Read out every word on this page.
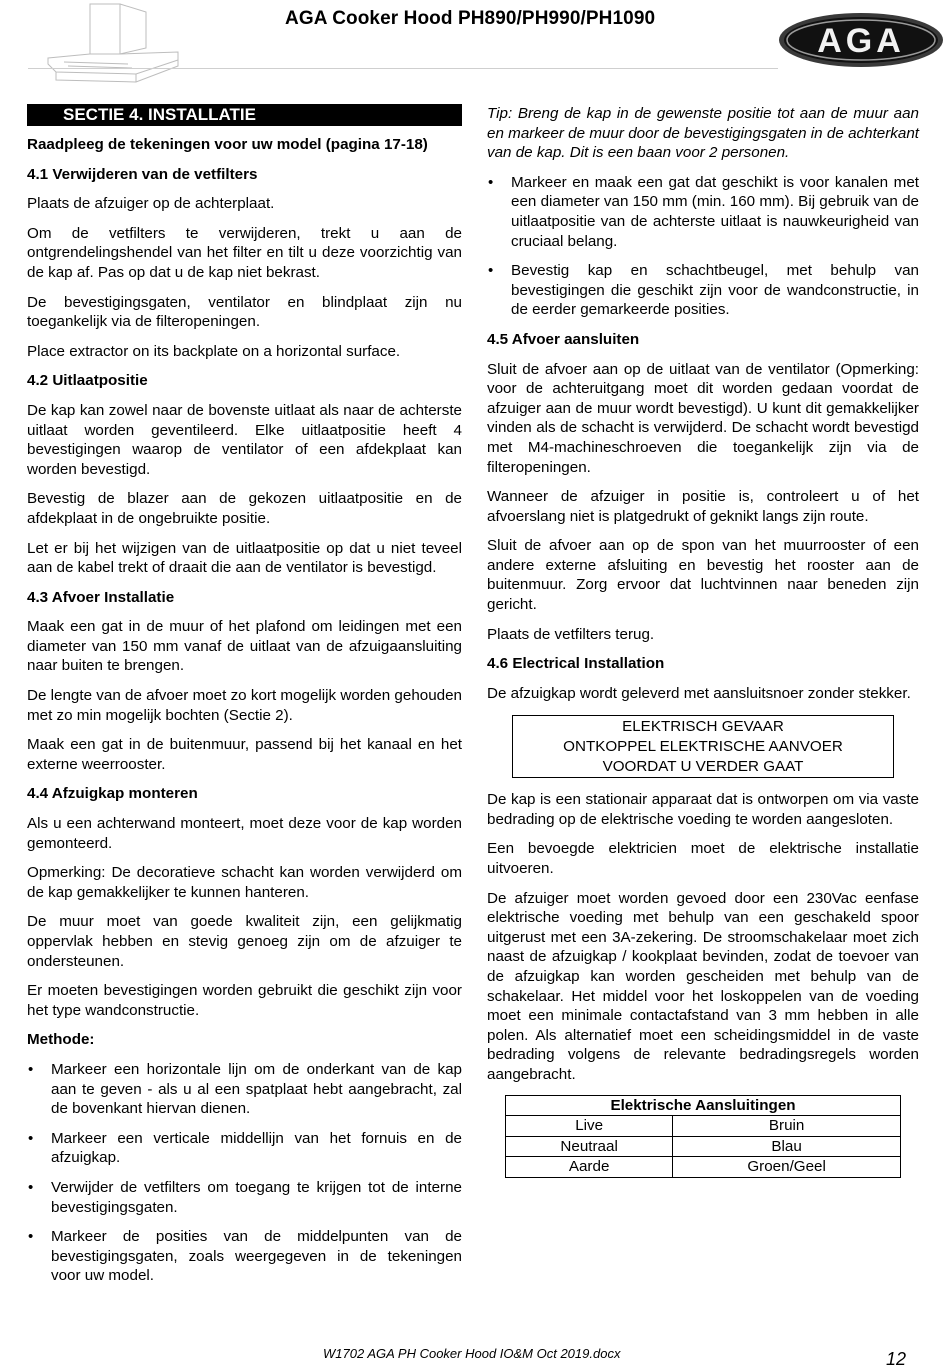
AGA Cooker Hood PH890/PH990/PH1090
AGA
SECTIE 4. INSTALLATIE

Raadpleeg de tekeningen voor uw model (pagina 17-18)

4.1 Verwijderen van de vetfilters

Plaats de afzuiger op de achterplaat.

Om de vetfilters te verwijderen, trekt u aan de ontgrendelingshendel van het filter en tilt u deze voorzichtig van de kap af. Pas op dat u de kap niet bekrast.

De bevestigingsgaten, ventilator en blindplaat zijn nu toegankelijk via de filteropeningen.

Place extractor on its backplate on a horizontal surface.

4.2 Uitlaatpositie

De kap kan zowel naar de bovenste uitlaat als naar de achterste uitlaat worden geventileerd. Elke uitlaatpositie heeft 4 bevestigingen waarop de ventilator of een afdekplaat kan worden bevestigd.

Bevestig de blazer aan de gekozen uitlaatpositie en de afdekplaat in de ongebruikte positie.

Let er bij het wijzigen van de uitlaatpositie op dat u niet teveel aan de kabel trekt of draait die aan de ventilator is bevestigd.

4.3 Afvoer Installatie

Maak een gat in de muur of het plafond om leidingen met een diameter van 150 mm vanaf de uitlaat van de afzuigaansluiting naar buiten te brengen.

De lengte van de afvoer moet zo kort mogelijk worden gehouden met zo min mogelijk bochten (Sectie 2).

Maak een gat in de buitenmuur, passend bij het kanaal en het externe weerrooster.

4.4 Afzuigkap monteren

Als u een achterwand monteert, moet deze voor de kap worden gemonteerd.

Opmerking: De decoratieve schacht kan worden verwijderd om de kap gemakkelijker te kunnen hanteren.

De muur moet van goede kwaliteit zijn, een gelijkmatig oppervlak hebben en stevig genoeg zijn om de afzuiger te ondersteunen.

Er moeten bevestigingen worden gebruikt die geschikt zijn voor het type wandconstructie.

Methode:

• Markeer een horizontale lijn om de onderkant van de kap aan te geven - als u al een spatplaat hebt aangebracht, zal de bovenkant hiervan dienen.
• Markeer een verticale middellijn van het fornuis en de afzuigkap.
• Verwijder de vetfilters om toegang te krijgen tot de interne bevestigingsgaten.
• Markeer de posities van de middelpunten van de bevestigingsgaten, zoals weergegeven in de tekeningen voor uw model.

Tip: Breng de kap in de gewenste positie tot aan de muur aan en markeer de muur door de bevestigingsgaten in de achterkant van de kap. Dit is een baan voor 2 personen.

• Markeer en maak een gat dat geschikt is voor kanalen met een diameter van 150 mm (min. 160 mm). Bij gebruik van de uitlaatpositie van de achterste uitlaat is nauwkeurigheid van cruciaal belang.
• Bevestig kap en schachtbeugel, met behulp van bevestigingen die geschikt zijn voor de wandconstructie, in de eerder gemarkeerde posities.

4.5 Afvoer aansluiten

Sluit de afvoer aan op de uitlaat van de ventilator (Opmerking: voor de achteruitgang moet dit worden gedaan voordat de afzuiger aan de muur wordt bevestigd). U kunt dit gemakkelijker vinden als de schacht is verwijderd. De schacht wordt bevestigd met M4-machineschroeven die toegankelijk zijn via de filteropeningen.

Wanneer de afzuiger in positie is, controleert u of het afvoerslang niet is platgedrukt of geknikt langs zijn route.

Sluit de afvoer aan op de spon van het muurrooster of een andere externe afsluiting en bevestig het rooster aan de buitenmuur. Zorg ervoor dat luchtvinnen naar beneden zijn gericht.

Plaats de vetfilters terug.

4.6 Electrical Installation

De afzuigkap wordt geleverd met aansluitsnoer zonder stekker.

ELEKTRISCH GEVAAR
ONTKOPPEL ELEKTRISCHE AANVOER
VOORDAT U VERDER GAAT

De kap is een stationair apparaat dat is ontworpen om via vaste bedrading op de elektrische voeding te worden aangesloten.

Een bevoegde elektricien moet de elektrische installatie uitvoeren.

De afzuiger moet worden gevoed door een 230Vac eenfase elektrische voeding met behulp van een geschakeld spoor uitgerust met een 3A-zekering. De stroomschakelaar moet zich naast de afzuigkap / kookplaat bevinden, zodat de toevoer van de afzuigkap kan worden gescheiden met behulp van de schakelaar. Het middel voor het loskoppelen van de voeding moet een minimale contactafstand van 3 mm hebben in alle polen. Als alternatief moet een scheidingsmiddel in de vaste bedrading volgens de relevante bedradingsregels worden aangebracht.

Elektrische Aansluitingen	
Live	Bruin
Neutraal	Blau
Aarde	Groen/Geel
W1702 AGA PH Cooker Hood IO&M Oct 2019.docx	12
